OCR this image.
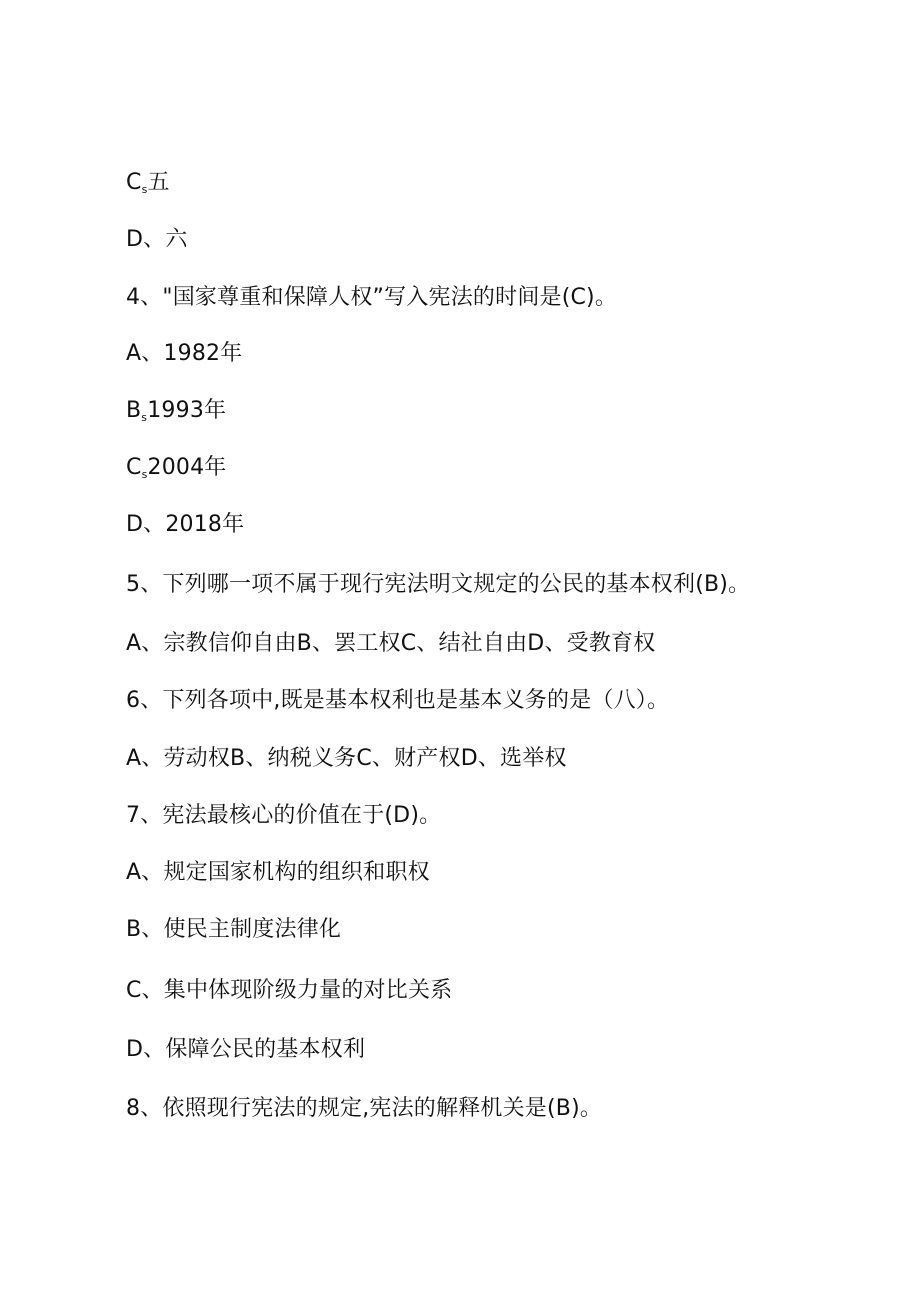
$C_s$五
D、六
4、"国家尊重和保障人权”写入宪法的时间是(C)。
A、1982年
$B_s1993$年
$C_s2004$年
D、2018年
5、下列哪一项不属于现行宪法明文规定的公民的基本权利(B)。
A、宗教信仰自由B、罢工权C、结社自由D、受教育权
6、下列各项中,既是基本权利也是基本义务的是（八）。
A、劳动权B、纳税义务C、财产权D、选举权
7、宪法最核心的价值在于(D)。
A、规定国家机构的组织和职权
B、使民主制度法律化
C、集中体现阶级力量的对比关系
D、保障公民的基本权利
8、依照现行宪法的规定,宪法的解释机关是(B)。
